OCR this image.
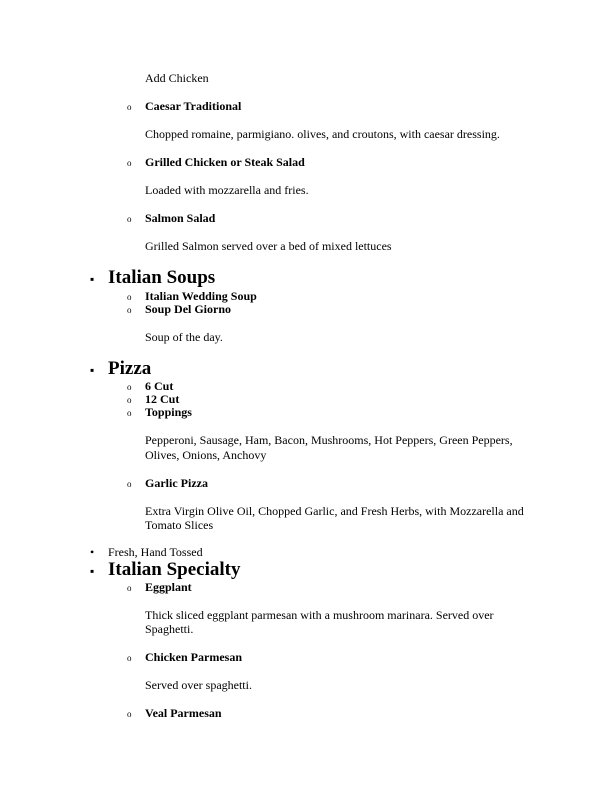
Add Chicken
o Caesar Traditional
Chopped romaine, parmigiano. olives, and croutons, with caesar dressing.
o Grilled Chicken or Steak Salad
Loaded with mozzarella and fries.
o Salmon Salad
Grilled Salmon served over a bed of mixed lettuces
▪ Italian Soups
o Italian Wedding Soup
o Soup Del Giorno
Soup of the day.
▪ Pizza
o 6 Cut
o 12 Cut
o Toppings
Pepperoni, Sausage, Ham, Bacon, Mushrooms, Hot Peppers, Green Peppers,
Olives, Onions, Anchovy
o Garlic Pizza
Extra Virgin Olive Oil, Chopped Garlic, and Fresh Herbs, with Mozzarella and
Tomato Slices
• Fresh, Hand Tossed
▪ Italian Specialty
o Eggplant
Thick sliced eggplant parmesan with a mushroom marinara. Served over
Spaghetti.
o Chicken Parmesan
Served over spaghetti.
o Veal Parmesan
